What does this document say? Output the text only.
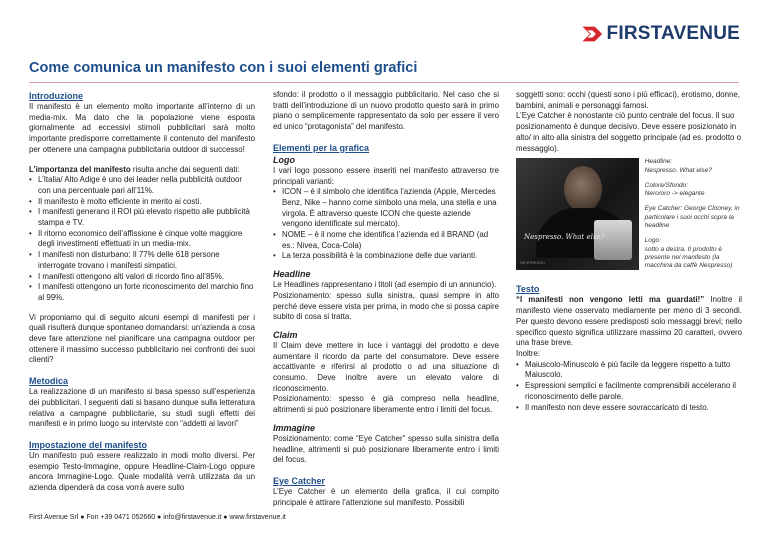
FIRSTAVENUE
Come comunica un manifesto con i suoi elementi grafici
Introduzione

Il manifesto è un elemento molto importante all’interno di un media-mix. Ma dato che la popolazione viene esposta giornalmente ad eccessivi stimoli pubblicitari sarà molto importante predisporre correttamente il contenuto del manifesto per ottenere una campagna pubblicitaria outdoor di successo!

L’importanza del manifesto risulta anche dai seguenti dati:

• L’Italia/ Alto Adige è uno dei leader nella pubblicità outdoor con una percentuale pari all’11%.
• Il manifesto è molto efficiente in merito ai costi.
• I manifesti generano il ROI più elevato rispetto alle pubblicità stampa e TV.
• Il ritorno economico dell’affissione è cinque volte maggiore degli investimenti effettuati in un media-mix.
• I manifesti non disturbano: Il 77% delle 618 persone interrogate trovano i manifesti simpatici.
• I manifesti ottengono alti valori di ricordo fino all’85%.
• I manifesti ottengono un forte riconoscimento del marchio fino al 99%.

Vi proponiamo qui di seguito alcuni esempi di manifesti per i quali risulterà dunque spontaneo domandarsi: un’azienda a cosa deve fare attenzione nel pianificare una campagna outdoor per ottenere il massimo successo pubblicitario nei confronti dei suoi clienti?

Metodica

La realizzazione di un manifesto si basa spesso sull’esperienza dei pubblicitari. I seguenti dati si basano dunque sulla letteratura relativa a campagne pubblicitarie, su studi sugli effetti dei manifesti e in primo luogo su interviste con “addetti ai lavori”

Impostazione del manifesto

Un manifesto può essere realizzato in modi molto diversi. Per esempio Testo-Immagine, oppure Headline-Claim-Logo oppure ancora Immagine-Logo. Quale modalità verrà utilizzata da un azienda dipenderà da cosa vorrà avere sullo

sfondo: il prodotto o il messaggio pubblicitario. Nel caso che si tratti dell’introduzione di un nuovo prodotto questo sarà in primo piano o semplicemente rappresentato da solo per essere il vero ed unico “protagonista” del manifesto.

Elementi per la grafica
Logo

I vari logo possono essere inseriti nel manifesto attraverso tre principali varianti:

• ICON – è il simbolo che identifica l’azienda (Apple, Mercedes Benz, Nike – hanno come simbolo una mela, una stella e una virgola. È attraverso queste ICON che queste aziende vengono identificate sul mercato).
• NOME – è il nome che identifica l’azienda ed il BRAND (ad es.: Nivea, Coca-Cola)
• La terza possibilità è la combinazione delle due varianti.
Headline

Le Headlines rappresentano i titoli (ad esempio di un annuncio).

Posizionamento: spesso sulla sinistra, quasi sempre in alto perché deve essere vista per prima, in modo che si possa capire subito di cosa si tratta.

Claim

Il Claim deve mettere in luce i vantaggi del prodotto e deve aumentare il ricordo da parte del consumatore. Deve essere accattivante e riferirsi al prodotto o ad una situazione di consumo. Deve inoltre avere un elevato valore di riconoscimento.

Posizionamento: spesso è già compreso nella headline, altrimenti si può posizionare liberamente entro i limiti del focus.

Immagine

Posizionamento: come “Eye Catcher” spesso sulla sinistra della headline, altrimenti si può posizionare liberamente entro i limiti del focus.

Eye Catcher

L’Eye Catcher è un elemento della grafica, il cui compito principale è attirare l’attenzione sul manifesto. Possibili

soggetti sono: occhi (questi sono i più efficaci), erotismo, donne, bambini, animali e personaggi famosi.

L’Eye Catcher è nonostante ciò punto centrale del focus. Il suo posizionamento è dunque decisivo. Deve essere posizionato in alto/ in alto alla sinistra del soggetto principale (ad es. prodotto o messaggio).

Nespresso. What else?
NESPRESSO
Headline:
Nespresso. What else?
Colore/Sfondo:
Nero/oro -> elegante
Eye Catcher: George Clooney, in particolare i suoi occhi sopra la headline
Logo:
sotto a destra. Il prodotto è presente nel manifesto (la macchina da caffè Nespresso)
Testo

“I manifesti non vengono letti ma guardati!” Inoltre il manifesto viene osservato mediamente per meno di 3 secondi. Per questo devono essere predisposti solo messaggi brevi; nello specifico questo significa utilizzare massimo 20 caratteri, ovvero una frase breve.

Inoltre:

• Maiuscolo-Minuscolo è più facile da leggere rispetto a tutto Maiuscolo.
• Espressioni semplici e facilmente comprensibili accelerano il riconoscimento delle parole.
• Il manifesto non deve essere sovraccaricato di testo.
First Avenue Srl ● Fon +39 0471 052660 ● info@firstavenue.it ● www.firstavenue.it
